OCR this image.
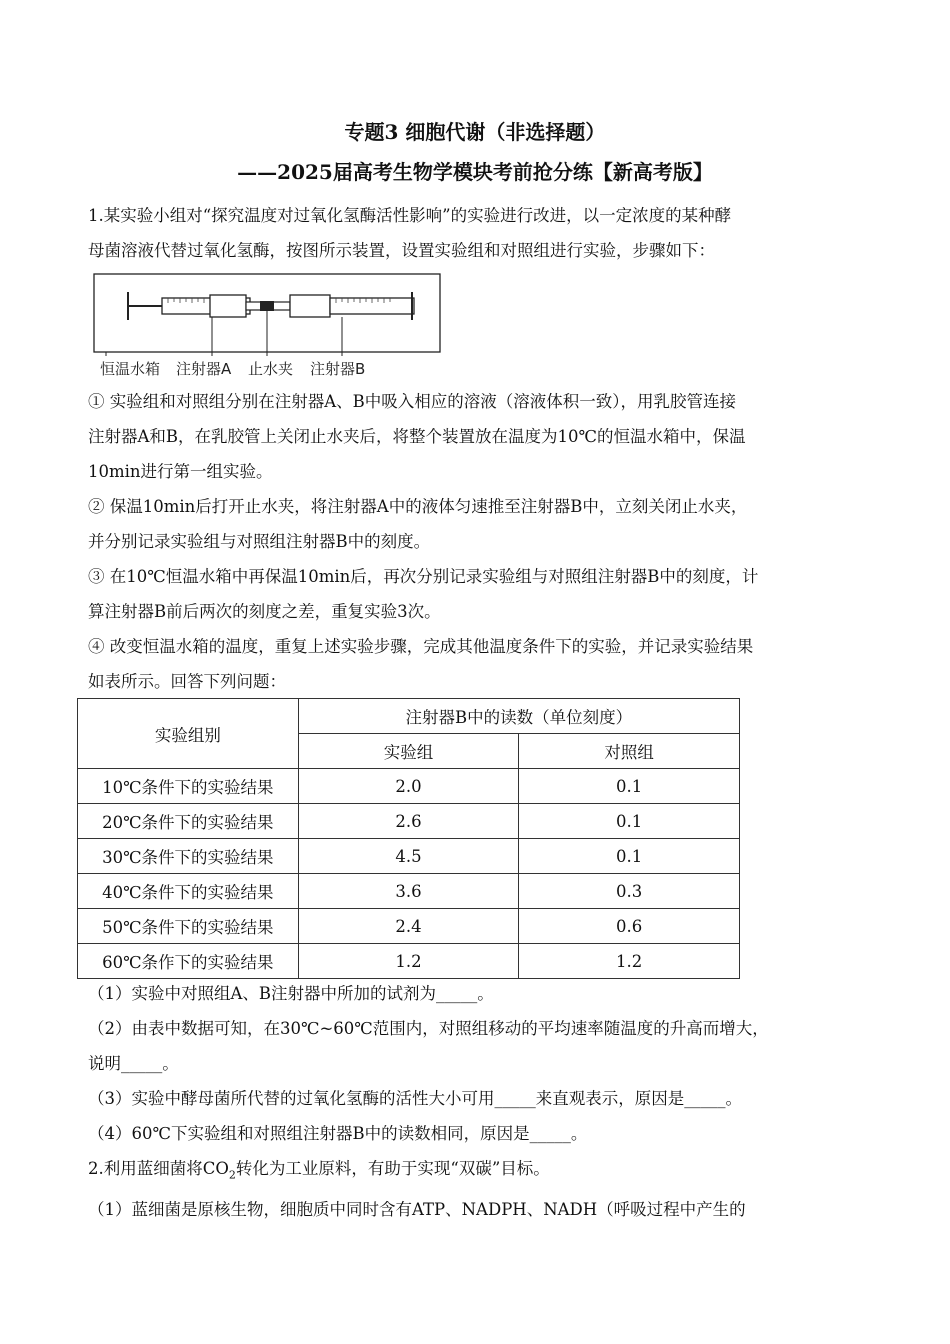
专题3 细胞代谢（非选择题）
——2025届高考生物学模块考前抢分练【新高考版】

1.某实验小组对“探究温度对过氧化氢酶活性影响”的实验进行改进，以一定浓度的某种酵

母菌溶液代替过氧化氢酶，按图所示装置，设置实验组和对照组进行实验，步骤如下：

恒温水箱 注射器A 止水夹 注射器B

① 实验组和对照组分别在注射器A、B中吸入相应的溶液（溶液体积一致），用乳胶管连接

注射器A和B，在乳胶管上关闭止水夹后，将整个装置放在温度为10℃的恒温水箱中，保温

10min进行第一组实验。

② 保温10min后打开止水夹，将注射器A中的液体匀速推至注射器B中，立刻关闭止水夹，

并分别记录实验组与对照组注射器B中的刻度。

③ 在10℃恒温水箱中再保温10min后，再次分别记录实验组与对照组注射器B中的刻度，计

算注射器B前后两次的刻度之差，重复实验3次。

④ 改变恒温水箱的温度，重复上述实验步骤，完成其他温度条件下的实验，并记录实验结果

如表所示。回答下列问题：

实验组别	注射器B中的读数（单位刻度）	
	实验组	对照组
10℃条件下的实验结果	2.0	0.1
20℃条件下的实验结果	2.6	0.1
30℃条件下的实验结果	4.5	0.1
40℃条件下的实验结果	3.6	0.3
50℃条件下的实验结果	2.4	0.6
60℃条作下的实验结果	1.2	1.2

（1）实验中对照组A、B注射器中所加的试剂为_____。

（2）由表中数据可知，在30℃~60℃范围内，对照组移动的平均速率随温度的升高而增大，

说明_____。

（3）实验中酵母菌所代替的过氧化氢酶的活性大小可用_____来直观表示，原因是_____。

（4）60℃下实验组和对照组注射器B中的读数相同，原因是_____。

2.利用蓝细菌将$CO_2$转化为工业原料，有助于实现“双碳”目标。

（1）蓝细菌是原核生物，细胞质中同时含有ATP、NADPH、NADH（呼吸过程中产生的
